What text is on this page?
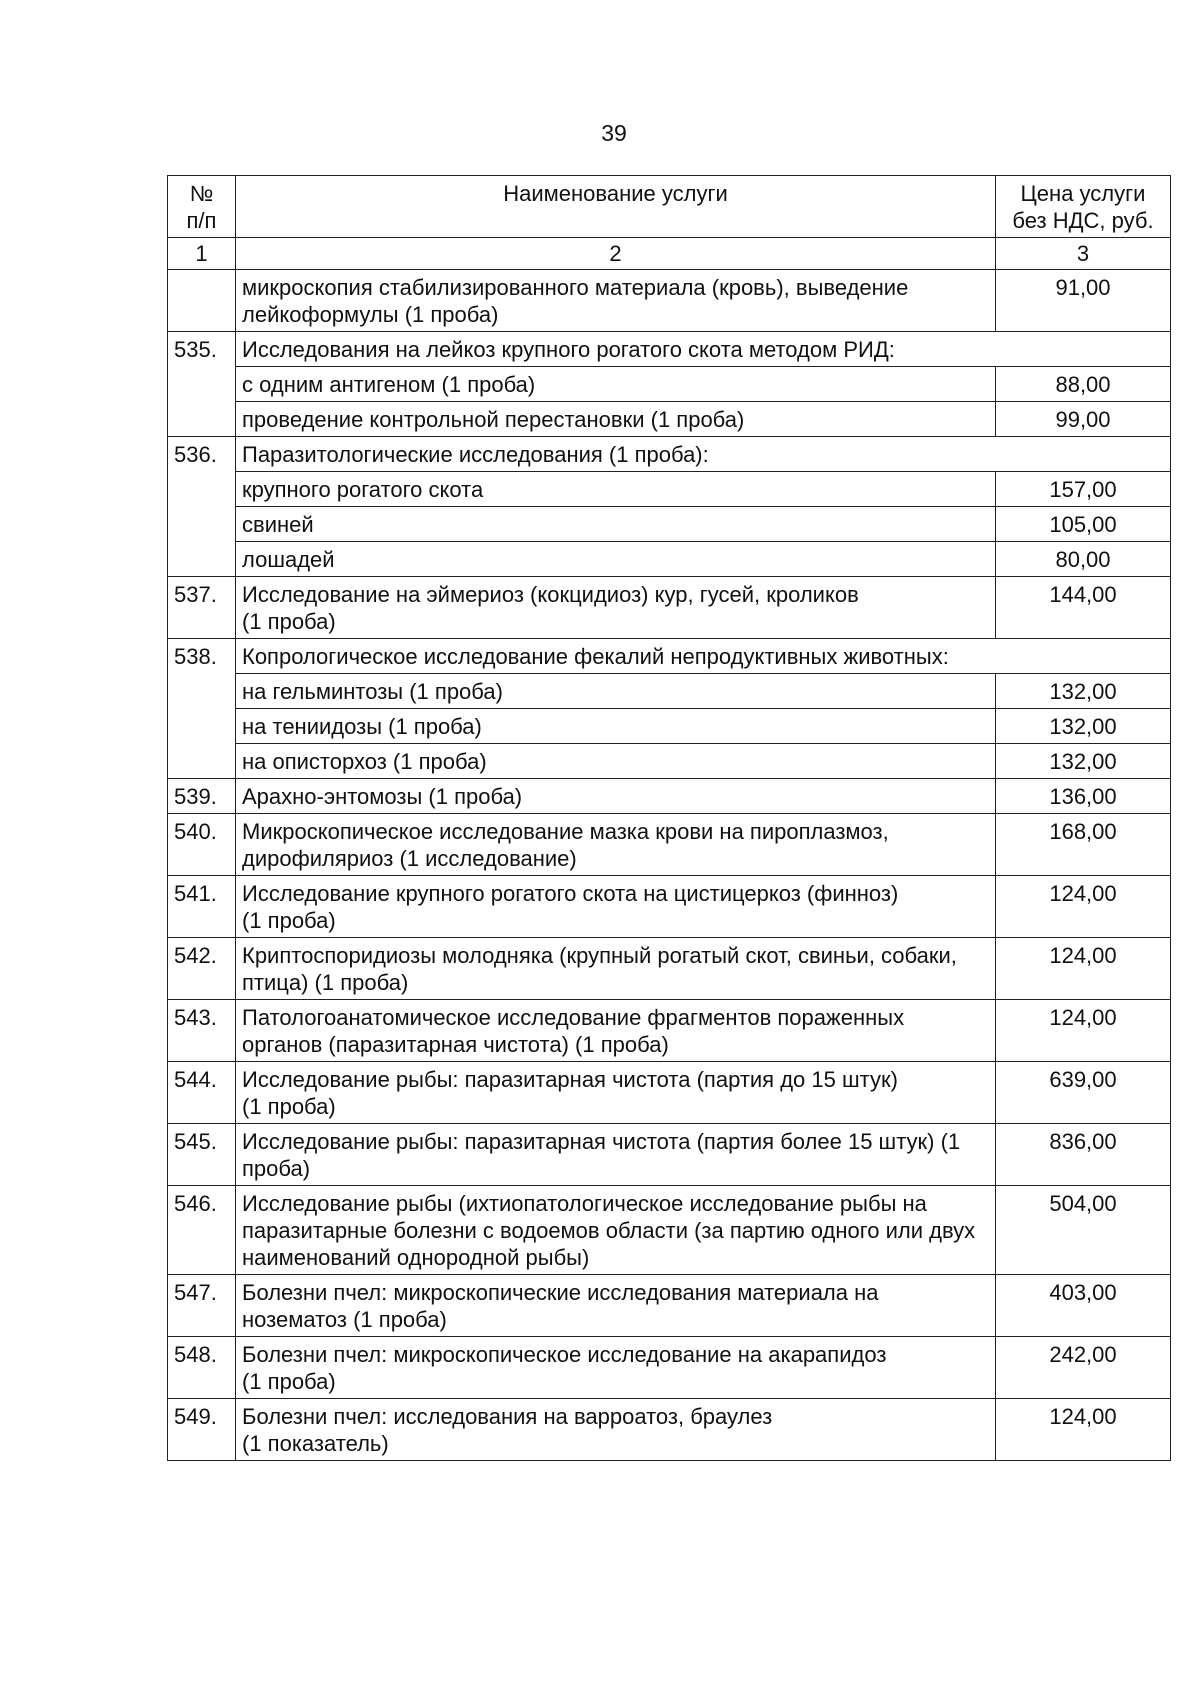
39
№
п/п	Наименование услуги	Цена услуги
без НДС, руб.
1	2	3
	микроскопия стабилизированного материала (кровь), выведение лейкоформулы (1 проба)	91,00
535.	Исследования на лейкоз крупного рогатого скота методом РИД:	
	с одним антигеном (1 проба)	88,00
	проведение контрольной перестановки (1 проба)	99,00
536.	Паразитологические исследования (1 проба):	
	крупного рогатого скота	157,00
	свиней	105,00
	лошадей	80,00
537.	Исследование на эймериоз (кокцидиоз) кур, гусей, кроликов
(1 проба)	144,00
538.	Копрологическое исследование фекалий непродуктивных животных:	
	на гельминтозы (1 проба)	132,00
	на тениидозы (1 проба)	132,00
	на описторхоз (1 проба)	132,00
539.	Арахно-энтомозы (1 проба)	136,00
540.	Микроскопическое исследование мазка крови на пироплазмоз, дирофиляриоз (1 исследование)	168,00
541.	Исследование крупного рогатого скота на цистицеркоз (финноз)
(1 проба)	124,00
542.	Криптоспоридиозы молодняка (крупный рогатый скот, свиньи, собаки, птица) (1 проба)	124,00
543.	Патологоанатомическое исследование фрагментов пораженных органов (паразитарная чистота) (1 проба)	124,00
544.	Исследование рыбы: паразитарная чистота (партия до 15 штук)
(1 проба)	639,00
545.	Исследование рыбы: паразитарная чистота (партия более 15 штук) (1 проба)	836,00
546.	Исследование рыбы (ихтиопатологическое исследование рыбы на паразитарные болезни с водоемов области (за партию одного или двух наименований однородной рыбы)	504,00
547.	Болезни пчел: микроскопические исследования материала на нозематоз (1 проба)	403,00
548.	Болезни пчел: микроскопическое исследование на акарапидоз
(1 проба)	242,00
549.	Болезни пчел: исследования на варроатоз, браулез
(1 показатель)	124,00
